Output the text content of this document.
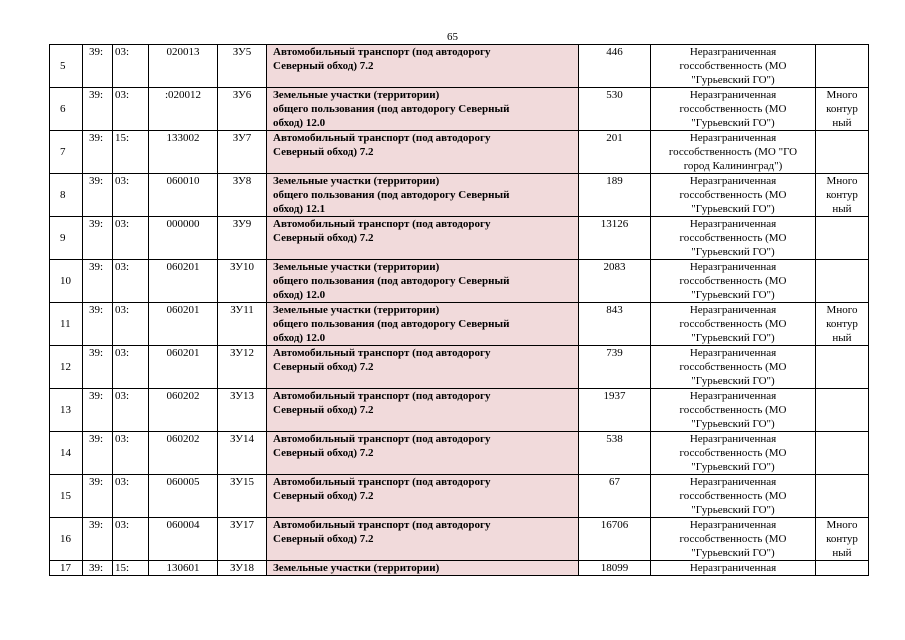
65
5	39:	03:	020013	ЗУ5	Автомобильный транспорт (под автодорогу
Северный обход) 7.2	446	Неразграниченная
госсобственность (МО
"Гурьевский ГО")	
6	39:	03:	:020012	ЗУ6	Земельные участки (территории)
общего пользования (под автодорогу Северный
обход) 12.0	530	Неразграниченная
госсобственность (МО
"Гурьевский ГО")	Много
контур
ный
7	39:	15:	133002	ЗУ7	Автомобильный транспорт (под автодорогу
Северный обход) 7.2	201	Неразграниченная
госсобственность (МО "ГО
город Калининград")	
8	39:	03:	060010	ЗУ8	Земельные участки (территории)
общего пользования (под автодорогу Северный
обход) 12.1	189	Неразграниченная
госсобственность (МО
"Гурьевский ГО")	Много
контур
ный
9	39:	03:	000000	ЗУ9	Автомобильный транспорт (под автодорогу
Северный обход) 7.2	13126	Неразграниченная
госсобственность (МО
"Гурьевский ГО")	
10	39:	03:	060201	ЗУ10	Земельные участки (территории)
общего пользования (под автодорогу Северный
обход) 12.0	2083	Неразграниченная
госсобственность (МО
"Гурьевский ГО")	
11	39:	03:	060201	ЗУ11	Земельные участки (территории)
общего пользования (под автодорогу Северный
обход) 12.0	843	Неразграниченная
госсобственность (МО
"Гурьевский ГО")	Много
контур
ный
12	39:	03:	060201	ЗУ12	Автомобильный транспорт (под автодорогу
Северный обход) 7.2	739	Неразграниченная
госсобственность (МО
"Гурьевский ГО")	
13	39:	03:	060202	ЗУ13	Автомобильный транспорт (под автодорогу
Северный обход) 7.2	1937	Неразграниченная
госсобственность (МО
"Гурьевский ГО")	
14	39:	03:	060202	ЗУ14	Автомобильный транспорт (под автодорогу
Северный обход) 7.2	538	Неразграниченная
госсобственность (МО
"Гурьевский ГО")	
15	39:	03:	060005	ЗУ15	Автомобильный транспорт (под автодорогу
Северный обход) 7.2	67	Неразграниченная
госсобственность (МО
"Гурьевский ГО")	
16	39:	03:	060004	ЗУ17	Автомобильный транспорт (под автодорогу
Северный обход) 7.2	16706	Неразграниченная
госсобственность (МО
"Гурьевский ГО")	Много
контур
ный
17	39:	15:	130601	ЗУ18	Земельные участки (территории)	18099	Неразграниченная	
